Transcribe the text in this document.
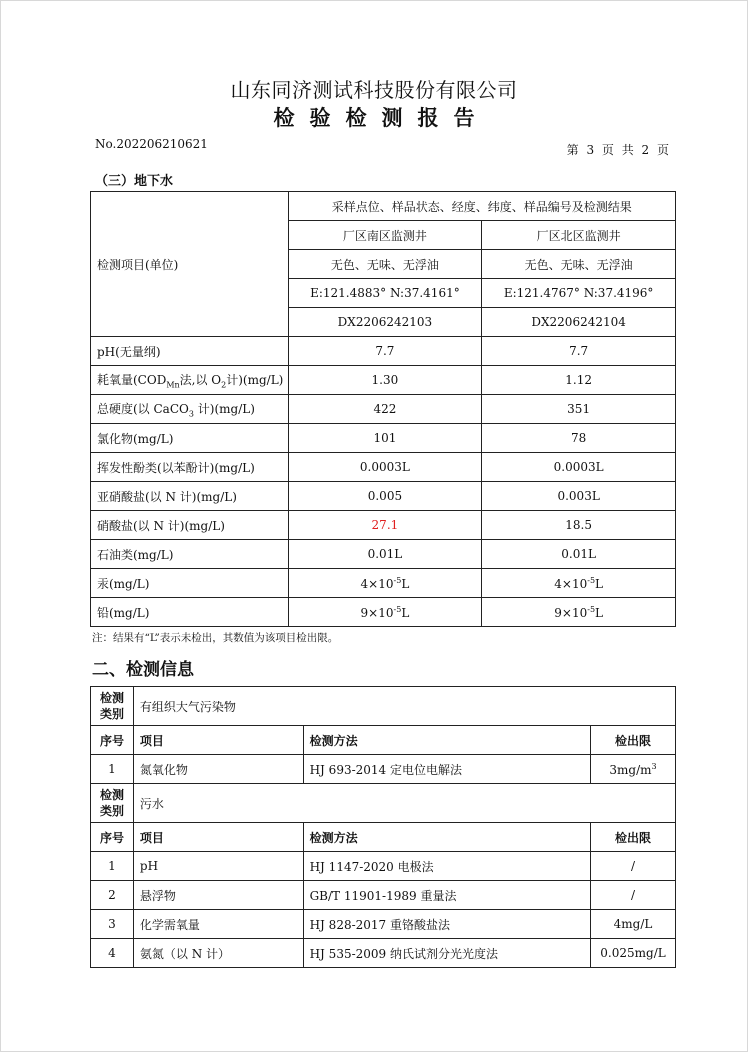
山东同济测试科技股份有限公司
检验检测报告
No.202206210621	第 3 页 共 2 页
（三）地下水
检测项目(单位)	采样点位、样品状态、经度、纬度、样品编号及检测结果	
	厂区南区监测井	厂区北区监测井
	无色、无味、无浮油	无色、无味、无浮油
	E:121.4883° N:37.4161°	E:121.4767° N:37.4196°
	DX2206242103	DX2206242104
pH(无量纲)	7.7	7.7
耗氧量($COD_{Mn}$法,以 $O_2$计)(mg/L)	1.30	1.12
总硬度(以 CaCO$_3$ 计)(mg/L)	422	351
氯化物(mg/L)	101	78
挥发性酚类(以苯酚计)(mg/L)	0.0003L	0.0003L
亚硝酸盐(以 N 计)(mg/L)	0.005	0.003L
硝酸盐(以 N 计)(mg/L)	27.1	18.5
石油类(mg/L)	0.01L	0.01L
汞(mg/L)	$4\times 10^{-5}L$	$4\times 10^{-5}L$
铅(mg/L)	$9\times 10^{-5}L$	$9\times 10^{-5}L$
注：结果有“L”表示未检出，其数值为该项目检出限。
二、检测信息
检测
类别	有组织大气污染物		
序号	项目	检测方法	检出限
1	氮氧化物	HJ 693-2014 定电位电解法	$3mg/m^3$
检测
类别	污水		
序号	项目	检测方法	检出限
1	pH	HJ 1147-2020 电极法	/
2	悬浮物	GB/T 11901-1989 重量法	/
3	化学需氧量	HJ 828-2017 重铬酸盐法	4mg/L
4	氨氮（以 N 计）	HJ 535-2009 纳氏试剂分光光度法	0.025mg/L
